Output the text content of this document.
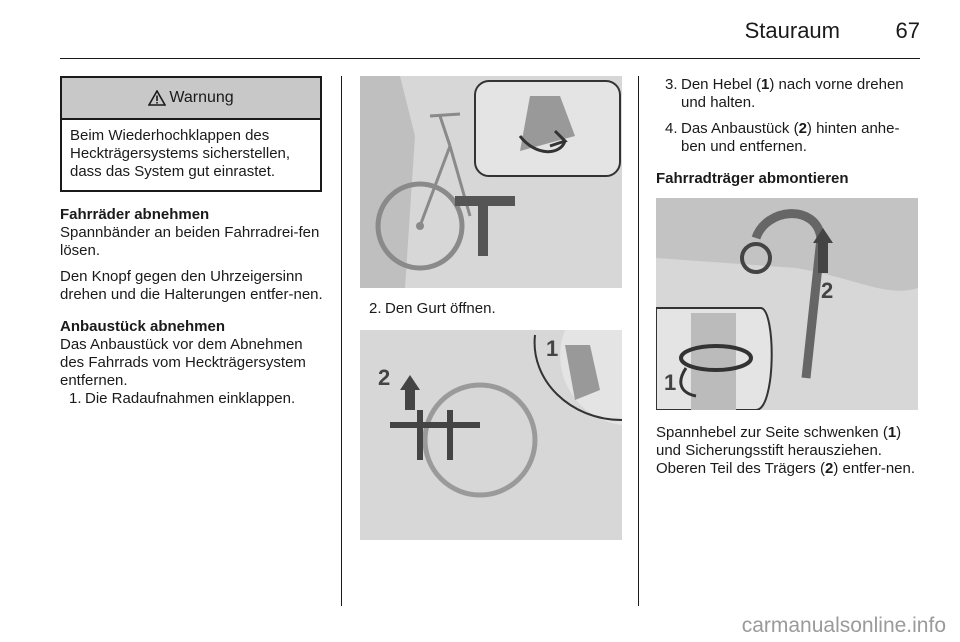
Stauraum	67
Warnung
Beim Wiederhochklappen des Heckträgersystems sicherstellen, dass das System gut einrastet.

Fahrräder abnehmen

Spannbänder an beiden Fahrradrei-fen lösen.

Den Knopf gegen den Uhrzeigersinn drehen und die Halterungen entfer-nen.

Anbaustück abnehmen

Das Anbaustück vor dem Abnehmen des Fahrrads vom Heckträgersystem entfernen.

1. Die Radaufnahmen einklappen.
2. Den Gurt öffnen.
2
1
3. Den Hebel (1) nach vorne drehen und halten.
4. Das Anbaustück (2) hinten anhe-ben und entfernen.

Fahrradträger abmontieren

2
1

Spannhebel zur Seite schwenken (1) und Sicherungsstift herausziehen. Oberen Teil des Trägers (2) entfer-nen.

carmanualsonline.info
